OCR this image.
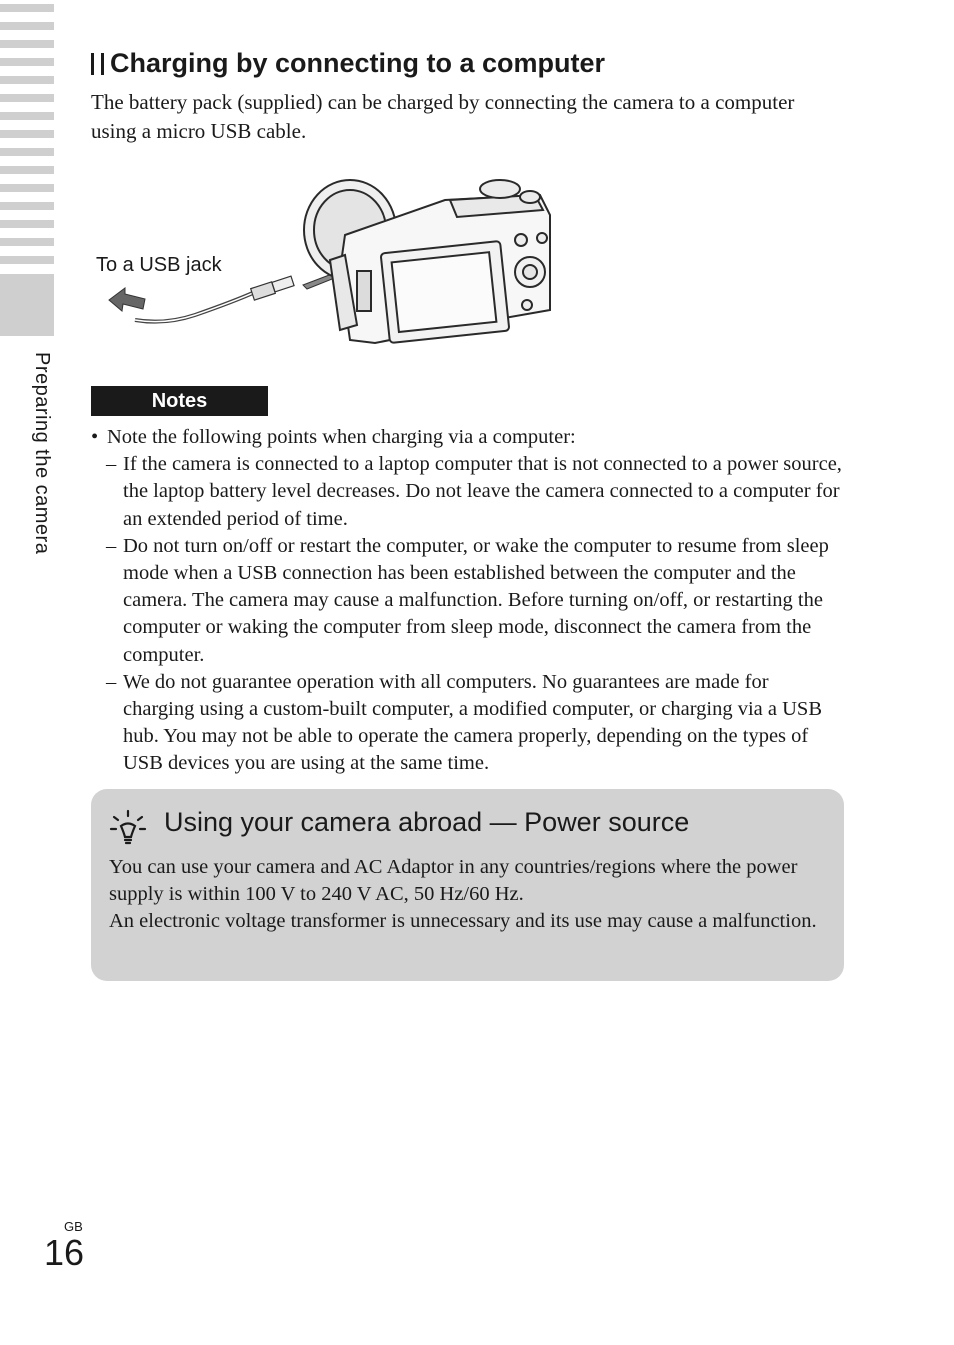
Preparing the camera
Charging by connecting to a computer
The battery pack (supplied) can be charged by connecting the camera to a computer using a micro USB cable.
To a USB jack
Notes
• Note the following points when charging via a computer:
– If the camera is connected to a laptop computer that is not connected to a power source, the laptop battery level decreases. Do not leave the camera connected to a computer for an extended period of time.
– Do not turn on/off or restart the computer, or wake the computer to resume from sleep mode when a USB connection has been established between the computer and the camera. The camera may cause a malfunction. Before turning on/off, or restarting the computer or waking the computer from sleep mode, disconnect the camera from the computer.
– We do not guarantee operation with all computers. No guarantees are made for charging using a custom-built computer, a modified computer, or charging via a USB hub. You may not be able to operate the camera properly, depending on the types of USB devices you are using at the same time.
Using your camera abroad — Power source

You can use your camera and AC Adaptor in any countries/regions where the power supply is within 100 V to 240 V AC, 50 Hz/60 Hz.

An electronic voltage transformer is unnecessary and its use may cause a malfunction.

GB
16
